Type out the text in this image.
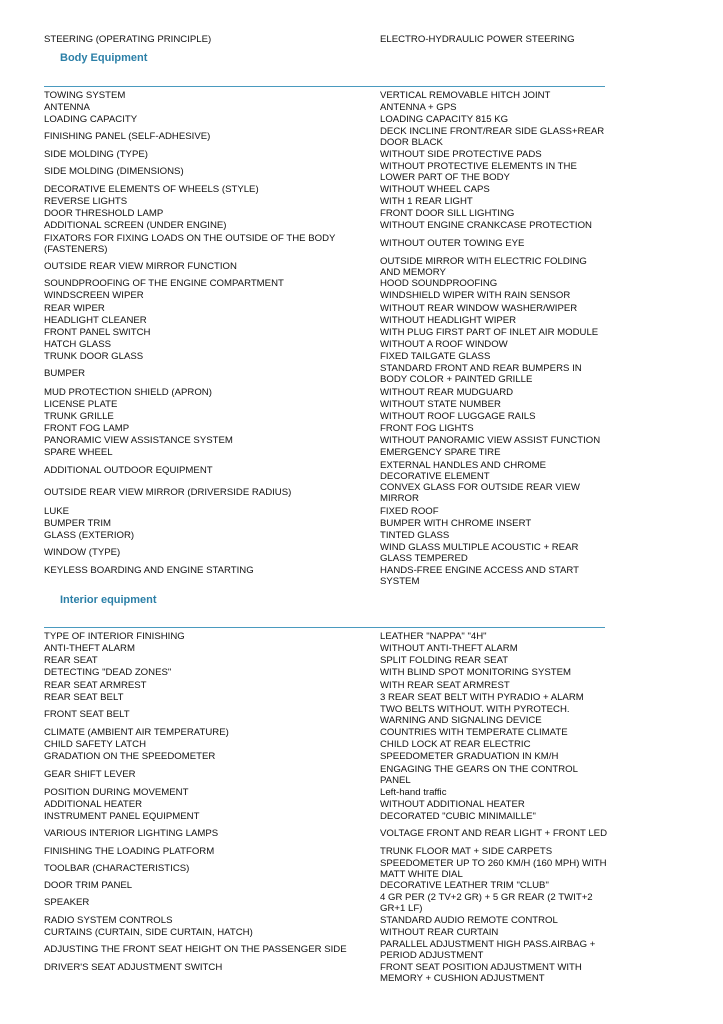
STEERING (OPERATING PRINCIPLE)	ELECTRO-HYDRAULIC POWER STEERING
Body Equipment
TOWING SYSTEM	VERTICAL REMOVABLE HITCH JOINT
ANTENNA	ANTENNA + GPS
LOADING CAPACITY	LOADING CAPACITY 815 KG
FINISHING PANEL (SELF-ADHESIVE)	DECK INCLINE FRONT/REAR SIDE GLASS+REAR DOOR BLACK
SIDE MOLDING (TYPE)	WITHOUT SIDE PROTECTIVE PADS
SIDE MOLDING (DIMENSIONS)	WITHOUT PROTECTIVE ELEMENTS IN THE LOWER PART OF THE BODY
DECORATIVE ELEMENTS OF WHEELS (STYLE)	WITHOUT WHEEL CAPS
REVERSE LIGHTS	WITH 1 REAR LIGHT
DOOR THRESHOLD LAMP	FRONT DOOR SILL LIGHTING
ADDITIONAL SCREEN (UNDER ENGINE)	WITHOUT ENGINE CRANKCASE PROTECTION
FIXATORS FOR FIXING LOADS ON THE OUTSIDE OF THE BODY (FASTENERS)	WITHOUT OUTER TOWING EYE
OUTSIDE REAR VIEW MIRROR FUNCTION	OUTSIDE MIRROR WITH ELECTRIC FOLDING AND MEMORY
SOUNDPROOFING OF THE ENGINE COMPARTMENT	HOOD SOUNDPROOFING
WINDSCREEN WIPER	WINDSHIELD WIPER WITH RAIN SENSOR
REAR WIPER	WITHOUT REAR WINDOW WASHER/WIPER
HEADLIGHT CLEANER	WITHOUT HEADLIGHT WIPER
FRONT PANEL SWITCH	WITH PLUG FIRST PART OF INLET AIR MODULE
HATCH GLASS	WITHOUT A ROOF WINDOW
TRUNK DOOR GLASS	FIXED TAILGATE GLASS
BUMPER	STANDARD FRONT AND REAR BUMPERS IN BODY COLOR + PAINTED GRILLE
MUD PROTECTION SHIELD (APRON)	WITHOUT REAR MUDGUARD
LICENSE PLATE	WITHOUT STATE NUMBER
TRUNK GRILLE	WITHOUT ROOF LUGGAGE RAILS
FRONT FOG LAMP	FRONT FOG LIGHTS
PANORAMIC VIEW ASSISTANCE SYSTEM	WITHOUT PANORAMIC VIEW ASSIST FUNCTION
SPARE WHEEL	EMERGENCY SPARE TIRE
ADDITIONAL OUTDOOR EQUIPMENT	EXTERNAL HANDLES AND CHROME DECORATIVE ELEMENT
OUTSIDE REAR VIEW MIRROR (DRIVERSIDE RADIUS)	CONVEX GLASS FOR OUTSIDE REAR VIEW MIRROR
LUKE	FIXED ROOF
BUMPER TRIM	BUMPER WITH CHROME INSERT
GLASS (EXTERIOR)	TINTED GLASS
WINDOW (TYPE)	WIND GLASS MULTIPLE ACOUSTIC + REAR GLASS TEMPERED
KEYLESS BOARDING AND ENGINE STARTING	HANDS-FREE ENGINE ACCESS AND START SYSTEM
Interior equipment
TYPE OF INTERIOR FINISHING	LEATHER "NAPPA" "4H"
ANTI-THEFT ALARM	WITHOUT ANTI-THEFT ALARM
REAR SEAT	SPLIT FOLDING REAR SEAT
DETECTING "DEAD ZONES"	WITH BLIND SPOT MONITORING SYSTEM
REAR SEAT ARMREST	WITH REAR SEAT ARMREST
REAR SEAT BELT	3 REAR SEAT BELT WITH PYRADIO + ALARM
FRONT SEAT BELT	TWO BELTS WITHOUT. WITH PYROTECH. WARNING AND SIGNALING DEVICE
CLIMATE (AMBIENT AIR TEMPERATURE)	COUNTRIES WITH TEMPERATE CLIMATE
CHILD SAFETY LATCH	CHILD LOCK AT REAR ELECTRIC
GRADATION ON THE SPEEDOMETER	SPEEDOMETER GRADUATION IN KM/H
GEAR SHIFT LEVER	ENGAGING THE GEARS ON THE CONTROL PANEL
POSITION DURING MOVEMENT	Left-hand traffic
ADDITIONAL HEATER	WITHOUT ADDITIONAL HEATER
INSTRUMENT PANEL EQUIPMENT	DECORATED "CUBIC MINIMAILLE"
VARIOUS INTERIOR LIGHTING LAMPS	VOLTAGE FRONT AND REAR LIGHT + FRONT LED
FINISHING THE LOADING PLATFORM	TRUNK FLOOR MAT + SIDE CARPETS
TOOLBAR (CHARACTERISTICS)	SPEEDOMETER UP TO 260 KM/H (160 MPH) WITH MATT WHITE DIAL
DOOR TRIM PANEL	DECORATIVE LEATHER TRIM "CLUB"
SPEAKER	4 GR PER (2 TV+2 GR) + 5 GR REAR (2 TWIT+2 GR+1 LF)
RADIO SYSTEM CONTROLS	STANDARD AUDIO REMOTE CONTROL
CURTAINS (CURTAIN, SIDE CURTAIN, HATCH)	WITHOUT REAR CURTAIN
ADJUSTING THE FRONT SEAT HEIGHT ON THE PASSENGER SIDE	PARALLEL ADJUSTMENT HIGH PASS.AIRBAG + PERIOD ADJUSTMENT
DRIVER'S SEAT ADJUSTMENT SWITCH	FRONT SEAT POSITION ADJUSTMENT WITH MEMORY + CUSHION ADJUSTMENT
